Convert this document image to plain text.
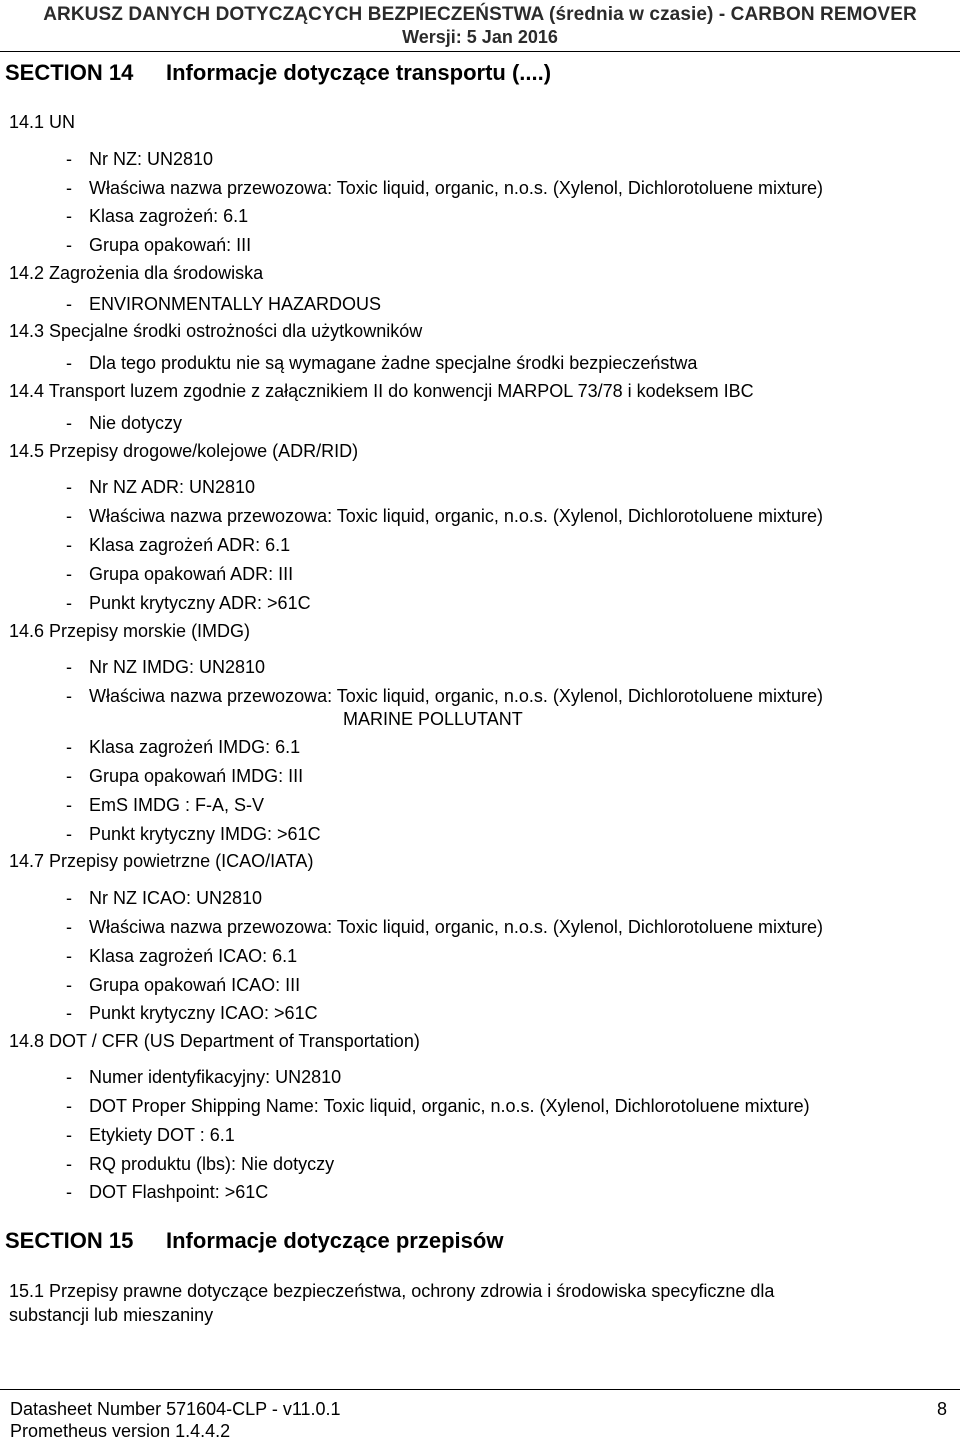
ARKUSZ DANYCH DOTYCZĄCYCH BEZPIECZEŃSTWA (średnia w czasie) - CARBON REMOVER
Wersji: 5 Jan 2016
SECTION 14 Informacje dotyczące transportu (....)
14.1 UN
- Nr NZ: UN2810
- Właściwa nazwa przewozowa: Toxic liquid, organic, n.o.s. (Xylenol, Dichlorotoluene mixture)
- Klasa zagrożeń: 6.1
- Grupa opakowań: III
14.2 Zagrożenia dla środowiska
- ENVIRONMENTALLY HAZARDOUS
14.3 Specjalne środki ostrożności dla użytkowników
- Dla tego produktu nie są wymagane żadne specjalne środki bezpieczeństwa
14.4 Transport luzem zgodnie z załącznikiem II do konwencji MARPOL 73/78 i kodeksem IBC
- Nie dotyczy
14.5 Przepisy drogowe/kolejowe (ADR/RID)
- Nr NZ ADR: UN2810
- Właściwa nazwa przewozowa: Toxic liquid, organic, n.o.s. (Xylenol, Dichlorotoluene mixture)
- Klasa zagrożeń ADR: 6.1
- Grupa opakowań ADR: III
- Punkt krytyczny ADR: >61C
14.6 Przepisy morskie (IMDG)
- Nr NZ IMDG: UN2810
- Właściwa nazwa przewozowa: Toxic liquid, organic, n.o.s. (Xylenol, Dichlorotoluene mixture)
MARINE POLLUTANT
- Klasa zagrożeń IMDG: 6.1
- Grupa opakowań IMDG: III
- EmS IMDG : F-A, S-V
- Punkt krytyczny IMDG: >61C
14.7 Przepisy powietrzne (ICAO/IATA)
- Nr NZ ICAO: UN2810
- Właściwa nazwa przewozowa: Toxic liquid, organic, n.o.s. (Xylenol, Dichlorotoluene mixture)
- Klasa zagrożeń ICAO: 6.1
- Grupa opakowań ICAO: III
- Punkt krytyczny ICAO: >61C
14.8 DOT / CFR (US Department of Transportation)
- Numer identyfikacyjny: UN2810
- DOT Proper Shipping Name: Toxic liquid, organic, n.o.s. (Xylenol, Dichlorotoluene mixture)
- Etykiety DOT : 6.1
- RQ produktu (lbs): Nie dotyczy
- DOT Flashpoint: >61C
SECTION 15 Informacje dotyczące przepisów
15.1 Przepisy prawne dotyczące bezpieczeństwa, ochrony zdrowia i środowiska specyficzne dla
substancji lub mieszaniny
Datasheet Number 571604-CLP - v11.0.1	8
Prometheus version 1.4.4.2
